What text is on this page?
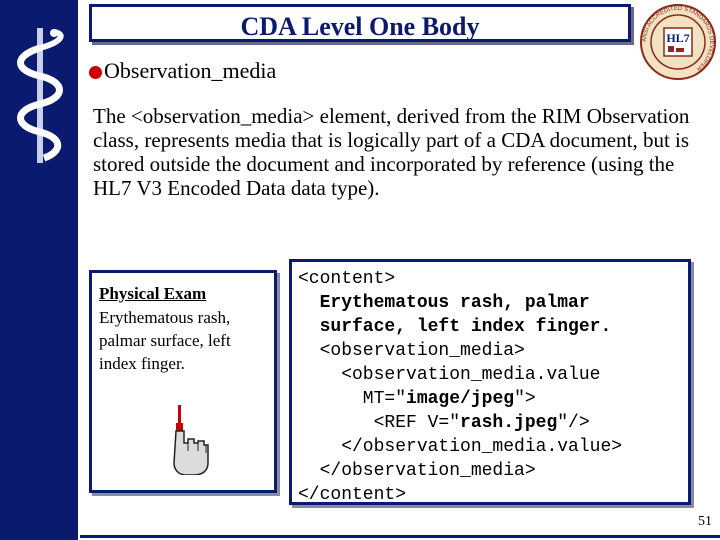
CDA Level One Body	ANSI ACCREDITED STANDARDS DEVELOPER
HL7
Observation_media
The <observation_media> element, derived from the RIM Observation class, represents media that is logically part of a CDA document, but is stored outside the document and incorporated by reference (using the HL7 V3 Encoded Data data type).
Physical Exam
Erythematous rash, palmar surface, left index finger.
<content>
Erythematous rash, palmar
surface, left index finger.
<observation_media>
<observation_media.value
MT="image/jpeg">
<REF V="rash.jpeg"/>
</observation_media.value>
</observation_media>
</content>
51
